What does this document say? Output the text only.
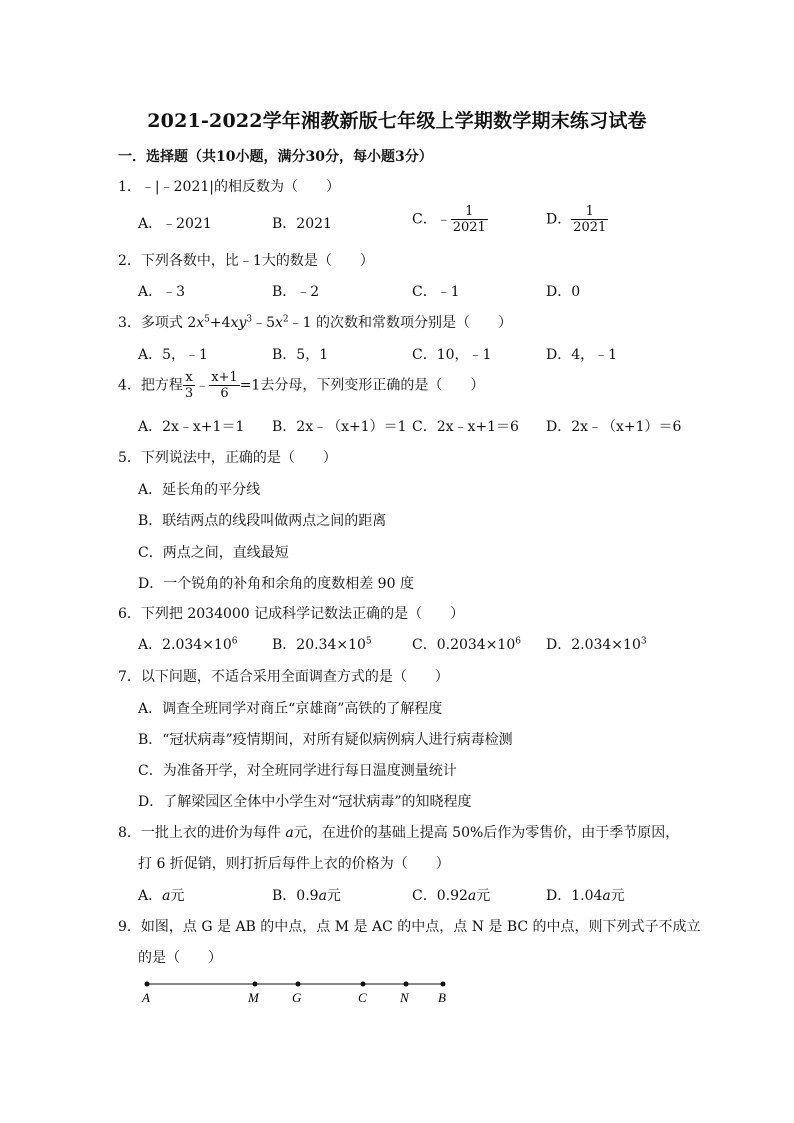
2021-2022学年湘教新版七年级上学期数学期末练习试卷
一．选择题（共10小题，满分30分，每小题3分）
1．﹣|﹣2021|的相反数为（　　）
A．﹣2021	B．2021	C．﹣ $\frac{1}{2021}$	D． $\frac{1}{2021}$
2．下列各数中，比﹣1大的数是（　　）
A．﹣3	B．﹣2	C．﹣1	D．0
3．多项式 $2x^5+4xy^3﹣5x^2﹣1$ 的次数和常数项分别是（　　）
A．5，﹣1	B．5，1	C．10，﹣1	D．4，﹣1
4．把方程 $\frac{x}{3}$ ﹣ $\frac{x+1}{6} =1$去分母，下列变形正确的是（　　）
A．2x﹣x+1＝1 B．2x﹣（x+1）＝1 C．2x﹣x+1＝6 D．2x﹣（x+1）＝6
5．下列说法中，正确的是（　　）
A．延长角的平分线
B．联结两点的线段叫做两点之间的距离
C．两点之间，直线最短
D．一个锐角的补角和余角的度数相差 90 度
6．下列把 2034000 记成科学记数法正确的是（　　）
A．$2.034\times 10^6$ B．$20.34\times 10^5$	C．$0.2034\times 10^6$ D．$2.034\times 10^3$
7．以下问题，不适合采用全面调查方式的是（　　）
A．调查全班同学对商丘“京雄商”高铁的了解程度
B．“冠状病毒”疫情期间，对所有疑似病例病人进行病毒检测
C．为准备开学，对全班同学进行每日温度测量统计
D．了解梁园区全体中小学生对“冠状病毒”的知晓程度
8．一批上衣的进价为每件 a元，在进价的基础上提高 50%后作为零售价，由于季节原因，
打 6 折促销，则打折后每件上衣的价格为（　　）
A．a元	B．0.9a元	C．0.92a元	D．1.04a元
9．如图，点 G 是 AB 的中点，点 M 是 AC 的中点，点 N 是 BC 的中点，则下列式子不成立
的是（　　）
A	M	G	C	N B
